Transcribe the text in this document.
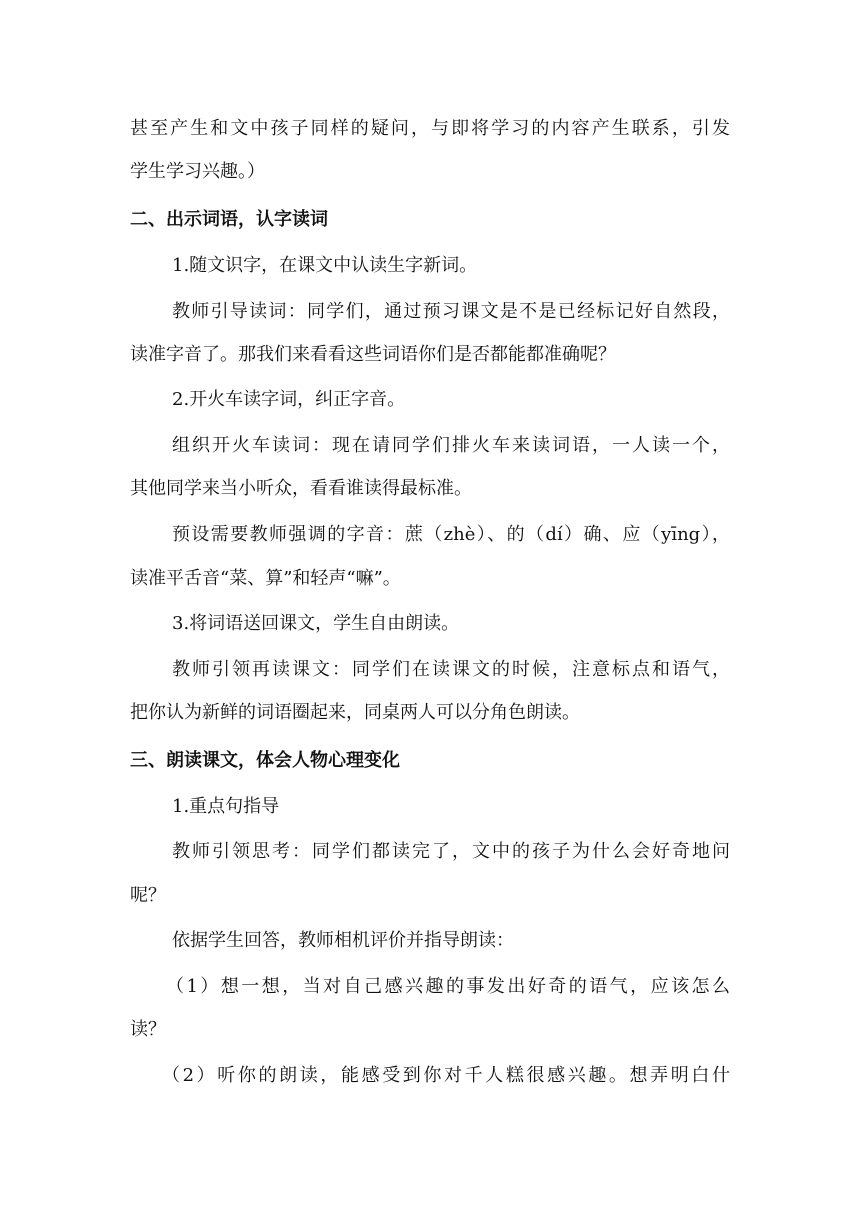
甚至产生和文中孩子同样的疑问，与即将学习的内容产生联系，引发
学生学习兴趣。）
二、出示词语，认字读词
1.随文识字，在课文中认读生字新词。
教师引导读词：同学们，通过预习课文是不是已经标记好自然段，
读准字音了。那我们来看看这些词语你们是否都能都准确呢？
2.开火车读字词，纠正字音。
组织开火车读词：现在请同学们排火车来读词语，一人读一个，
其他同学来当小听众，看看谁读得最标准。
预设需要教师强调的字音：蔗（zhè）、的（dí）确、应（yīng），
读准平舌音“菜、算”和轻声“嘛”。
3.将词语送回课文，学生自由朗读。
教师引领再读课文：同学们在读课文的时候，注意标点和语气，
把你认为新鲜的词语圈起来，同桌两人可以分角色朗读。
三、朗读课文，体会人物心理变化
1.重点句指导
教师引领思考：同学们都读完了，文中的孩子为什么会好奇地问
呢？
依据学生回答，教师相机评价并指导朗读：
（1）想一想，当对自己感兴趣的事发出好奇的语气，应该怎么
读？
（2）听你的朗读，能感受到你对千人糕很感兴趣。想弄明白什
